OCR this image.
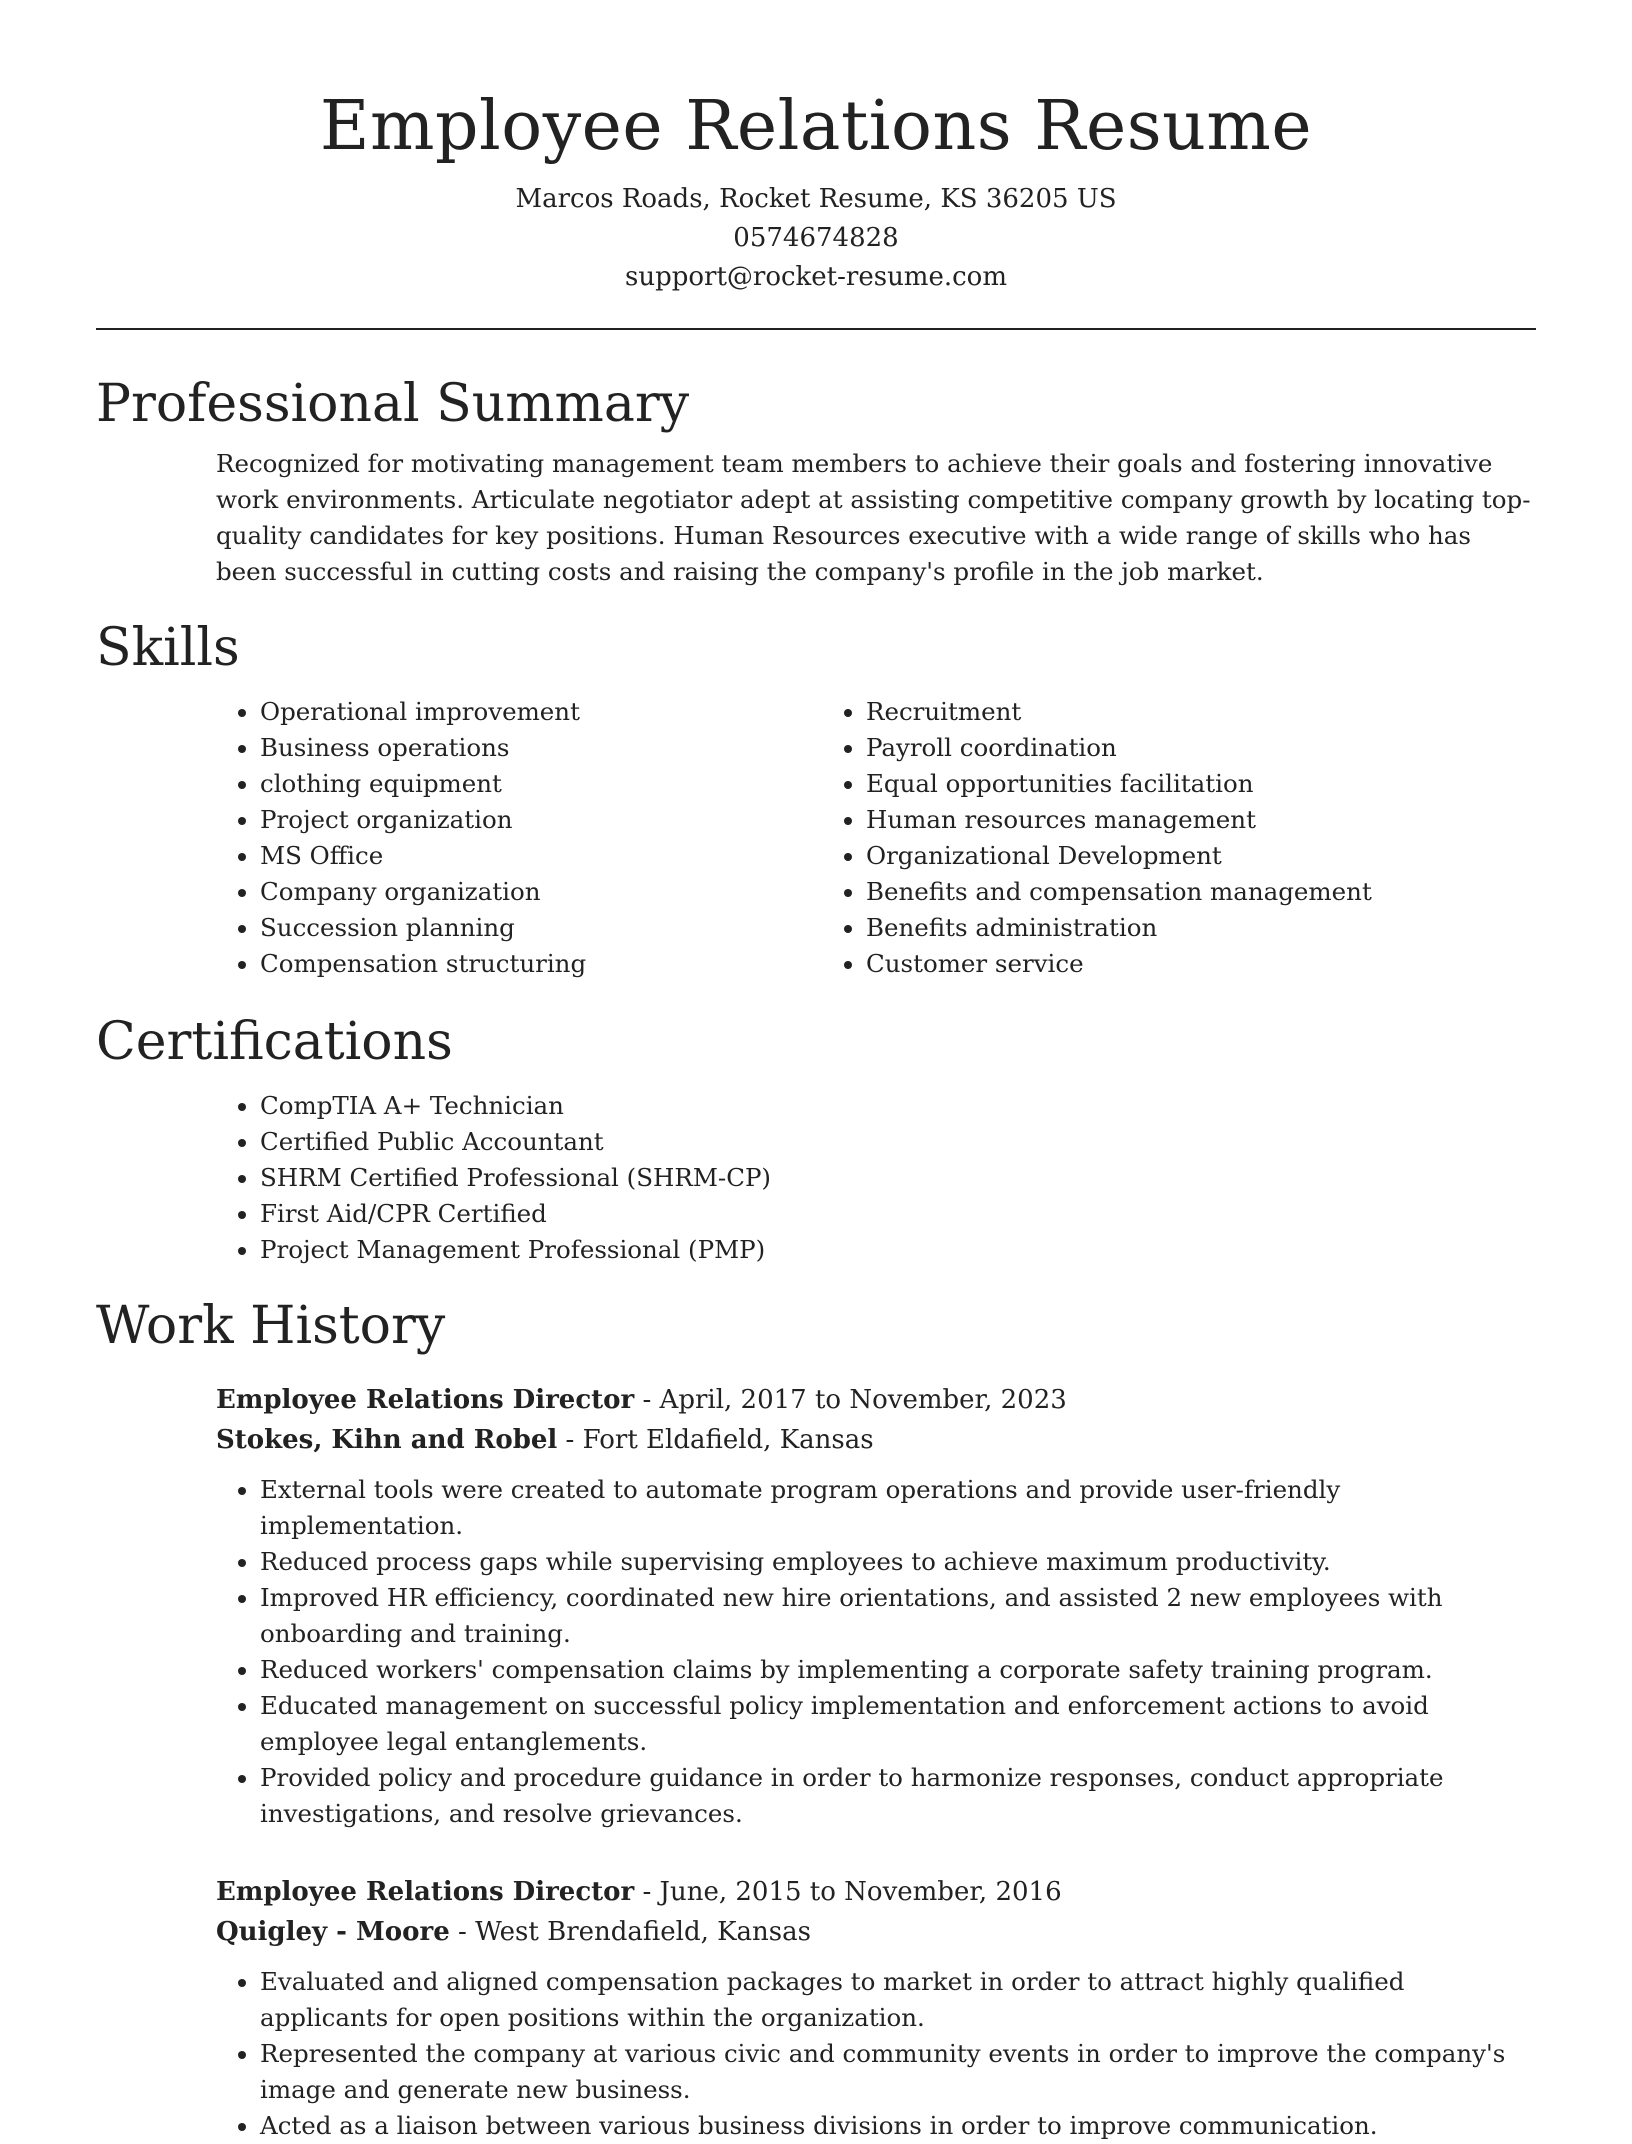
Employee Relations Resume
Marcos Roads, Rocket Resume, KS 36205 US
0574674828
support@rocket-resume.com
Professional Summary
Recognized for motivating management team members to achieve their goals and fostering innovative work environments. Articulate negotiator adept at assisting competitive company growth by locating top-quality candidates for key positions. Human Resources executive with a wide range of skills who has been successful in cutting costs and raising the company's profile in the job market.
Skills
• Operational improvement
• Business operations
• clothing equipment
• Project organization
• MS Office
• Company organization
• Succession planning
• Compensation structuring
• Recruitment
• Payroll coordination
• Equal opportunities facilitation
• Human resources management
• Organizational Development
• Benefits and compensation management
• Benefits administration
• Customer service
Certifications
• CompTIA A+ Technician
• Certified Public Accountant
• SHRM Certified Professional (SHRM-CP)
• First Aid/CPR Certified
• Project Management Professional (PMP)
Work History
Employee Relations Director - April, 2017 to November, 2023
Stokes, Kihn and Robel - Fort Eldafield, Kansas
• External tools were created to automate program operations and provide user-friendly implementation.
• Reduced process gaps while supervising employees to achieve maximum productivity.
• Improved HR efficiency, coordinated new hire orientations, and assisted 2 new employees with onboarding and training.
• Reduced workers' compensation claims by implementing a corporate safety training program.
• Educated management on successful policy implementation and enforcement actions to avoid employee legal entanglements.
• Provided policy and procedure guidance in order to harmonize responses, conduct appropriate investigations, and resolve grievances.
Employee Relations Director - June, 2015 to November, 2016
Quigley - Moore - West Brendafield, Kansas
• Evaluated and aligned compensation packages to market in order to attract highly qualified applicants for open positions within the organization.
• Represented the company at various civic and community events in order to improve the company's image and generate new business.
• Acted as a liaison between various business divisions in order to improve communication.
